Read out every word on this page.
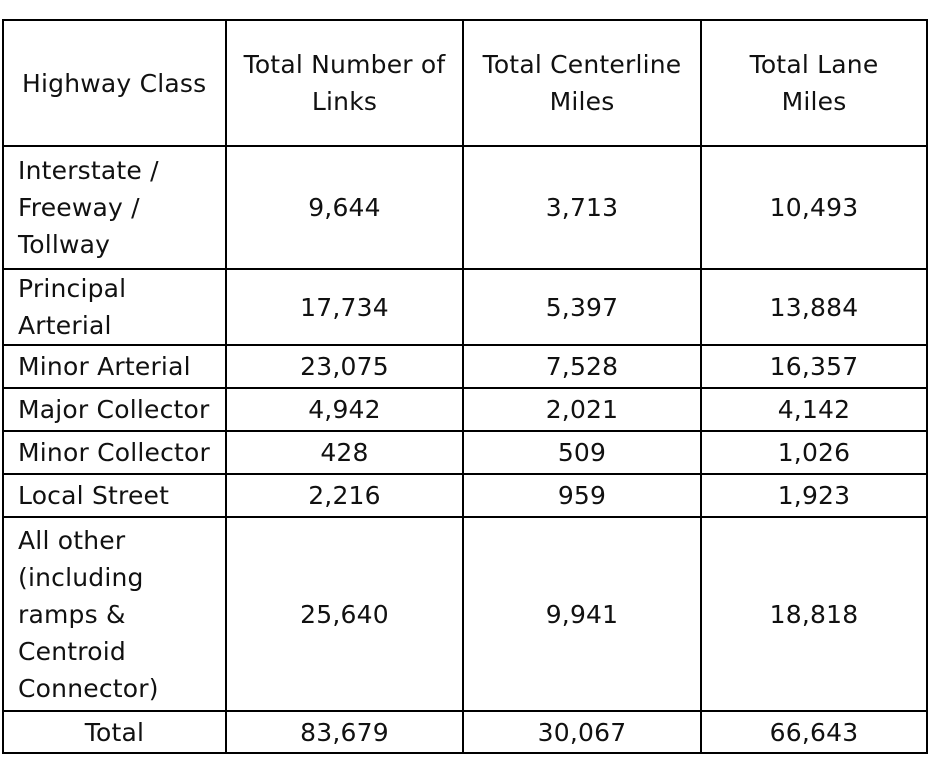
Highway Class	Total Number of Links	Total Centerline Miles	Total Lane Miles
Interstate / Freeway / Tollway	9,644	3,713	10,493
Principal Arterial	17,734	5,397	13,884
Minor Arterial	23,075	7,528	16,357
Major Collector	4,942	2,021	4,142
Minor Collector	428	509	1,026
Local Street	2,216	959	1,923
All other (including ramps & Centroid Connector)	25,640	9,941	18,818
Total	83,679	30,067	66,643
